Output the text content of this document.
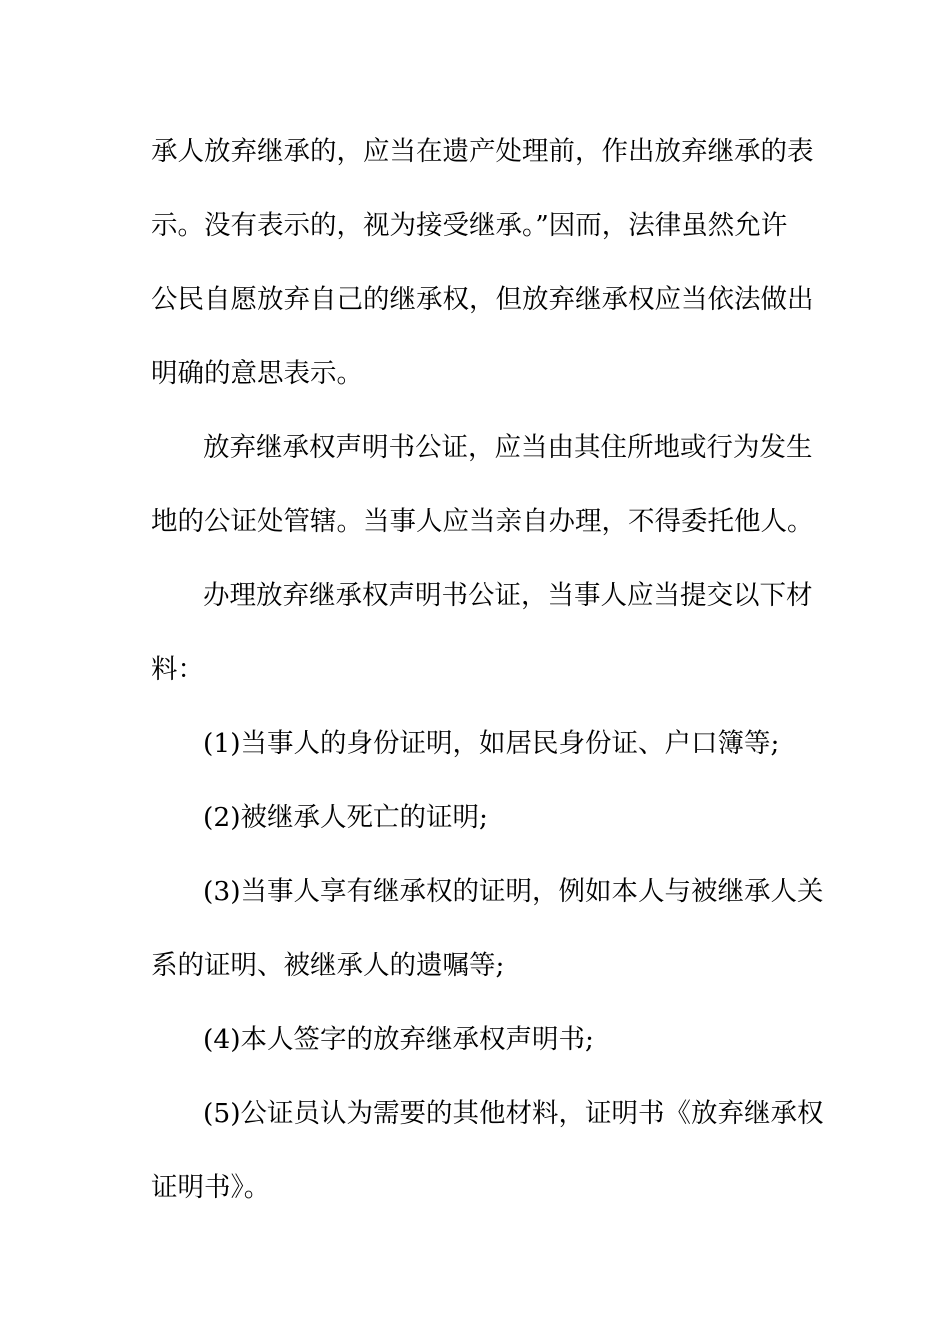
承人放弃继承的，应当在遗产处理前，作出放弃继承的表
示。没有表示的，视为接受继承。”因而，法律虽然允许
公民自愿放弃自己的继承权，但放弃继承权应当依法做出
明确的意思表示。
放弃继承权声明书公证，应当由其住所地或行为发生
地的公证处管辖。当事人应当亲自办理，不得委托他人。
办理放弃继承权声明书公证，当事人应当提交以下材
料：
(1)当事人的身份证明，如居民身份证、户口簿等;
(2)被继承人死亡的证明;
(3)当事人享有继承权的证明，例如本人与被继承人关
系的证明、被继承人的遗嘱等;
(4)本人签字的放弃继承权声明书;
(5)公证员认为需要的其他材料，证明书《放弃继承权
证明书》。
